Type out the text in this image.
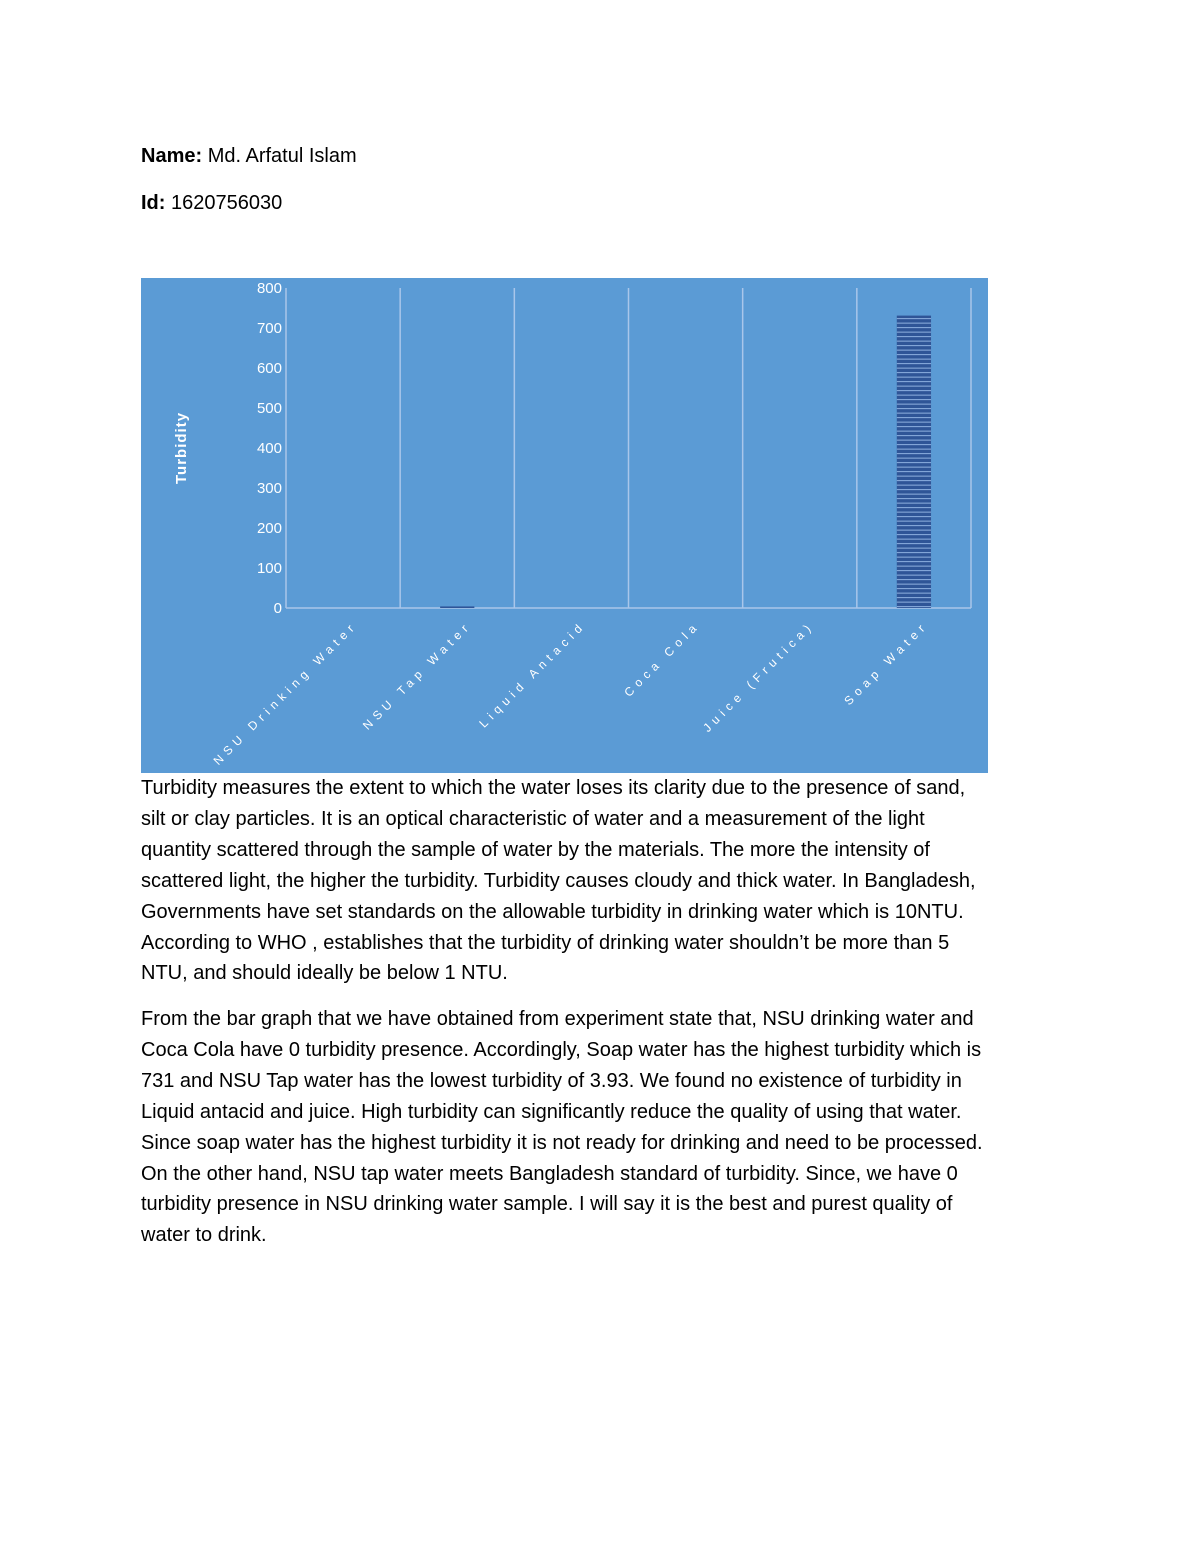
Name: Md. Arfatul Islam

Id: 1620756030

0
100
200
300
400
500
600
700
800
Turbidity
NSU Drinking Water NSU Tap Water Liquid Antacid	Coca Cola
Juice (Frutica) Soap Water
Turbidity measures the extent to which the water loses its clarity due to the presence of sand,
silt or clay particles. It is an optical characteristic of water and a measurement of the light
quantity scattered through the sample of water by the materials. The more the intensity of
scattered light, the higher the turbidity. Turbidity causes cloudy and thick water. In Bangladesh,
Governments have set standards on the allowable turbidity in drinking water which is 10NTU.
According to WHO , establishes that the turbidity of drinking water shouldn’t be more than 5
NTU, and should ideally be below 1 NTU.
From the bar graph that we have obtained from experiment state that, NSU drinking water and
Coca Cola have 0 turbidity presence. Accordingly, Soap water has the highest turbidity which is
731 and NSU Tap water has the lowest turbidity of 3.93. We found no existence of turbidity in
Liquid antacid and juice. High turbidity can significantly reduce the quality of using that water.
Since soap water has the highest turbidity it is not ready for drinking and need to be processed.
On the other hand, NSU tap water meets Bangladesh standard of turbidity. Since, we have 0
turbidity presence in NSU drinking water sample. I will say it is the best and purest quality of
water to drink.
